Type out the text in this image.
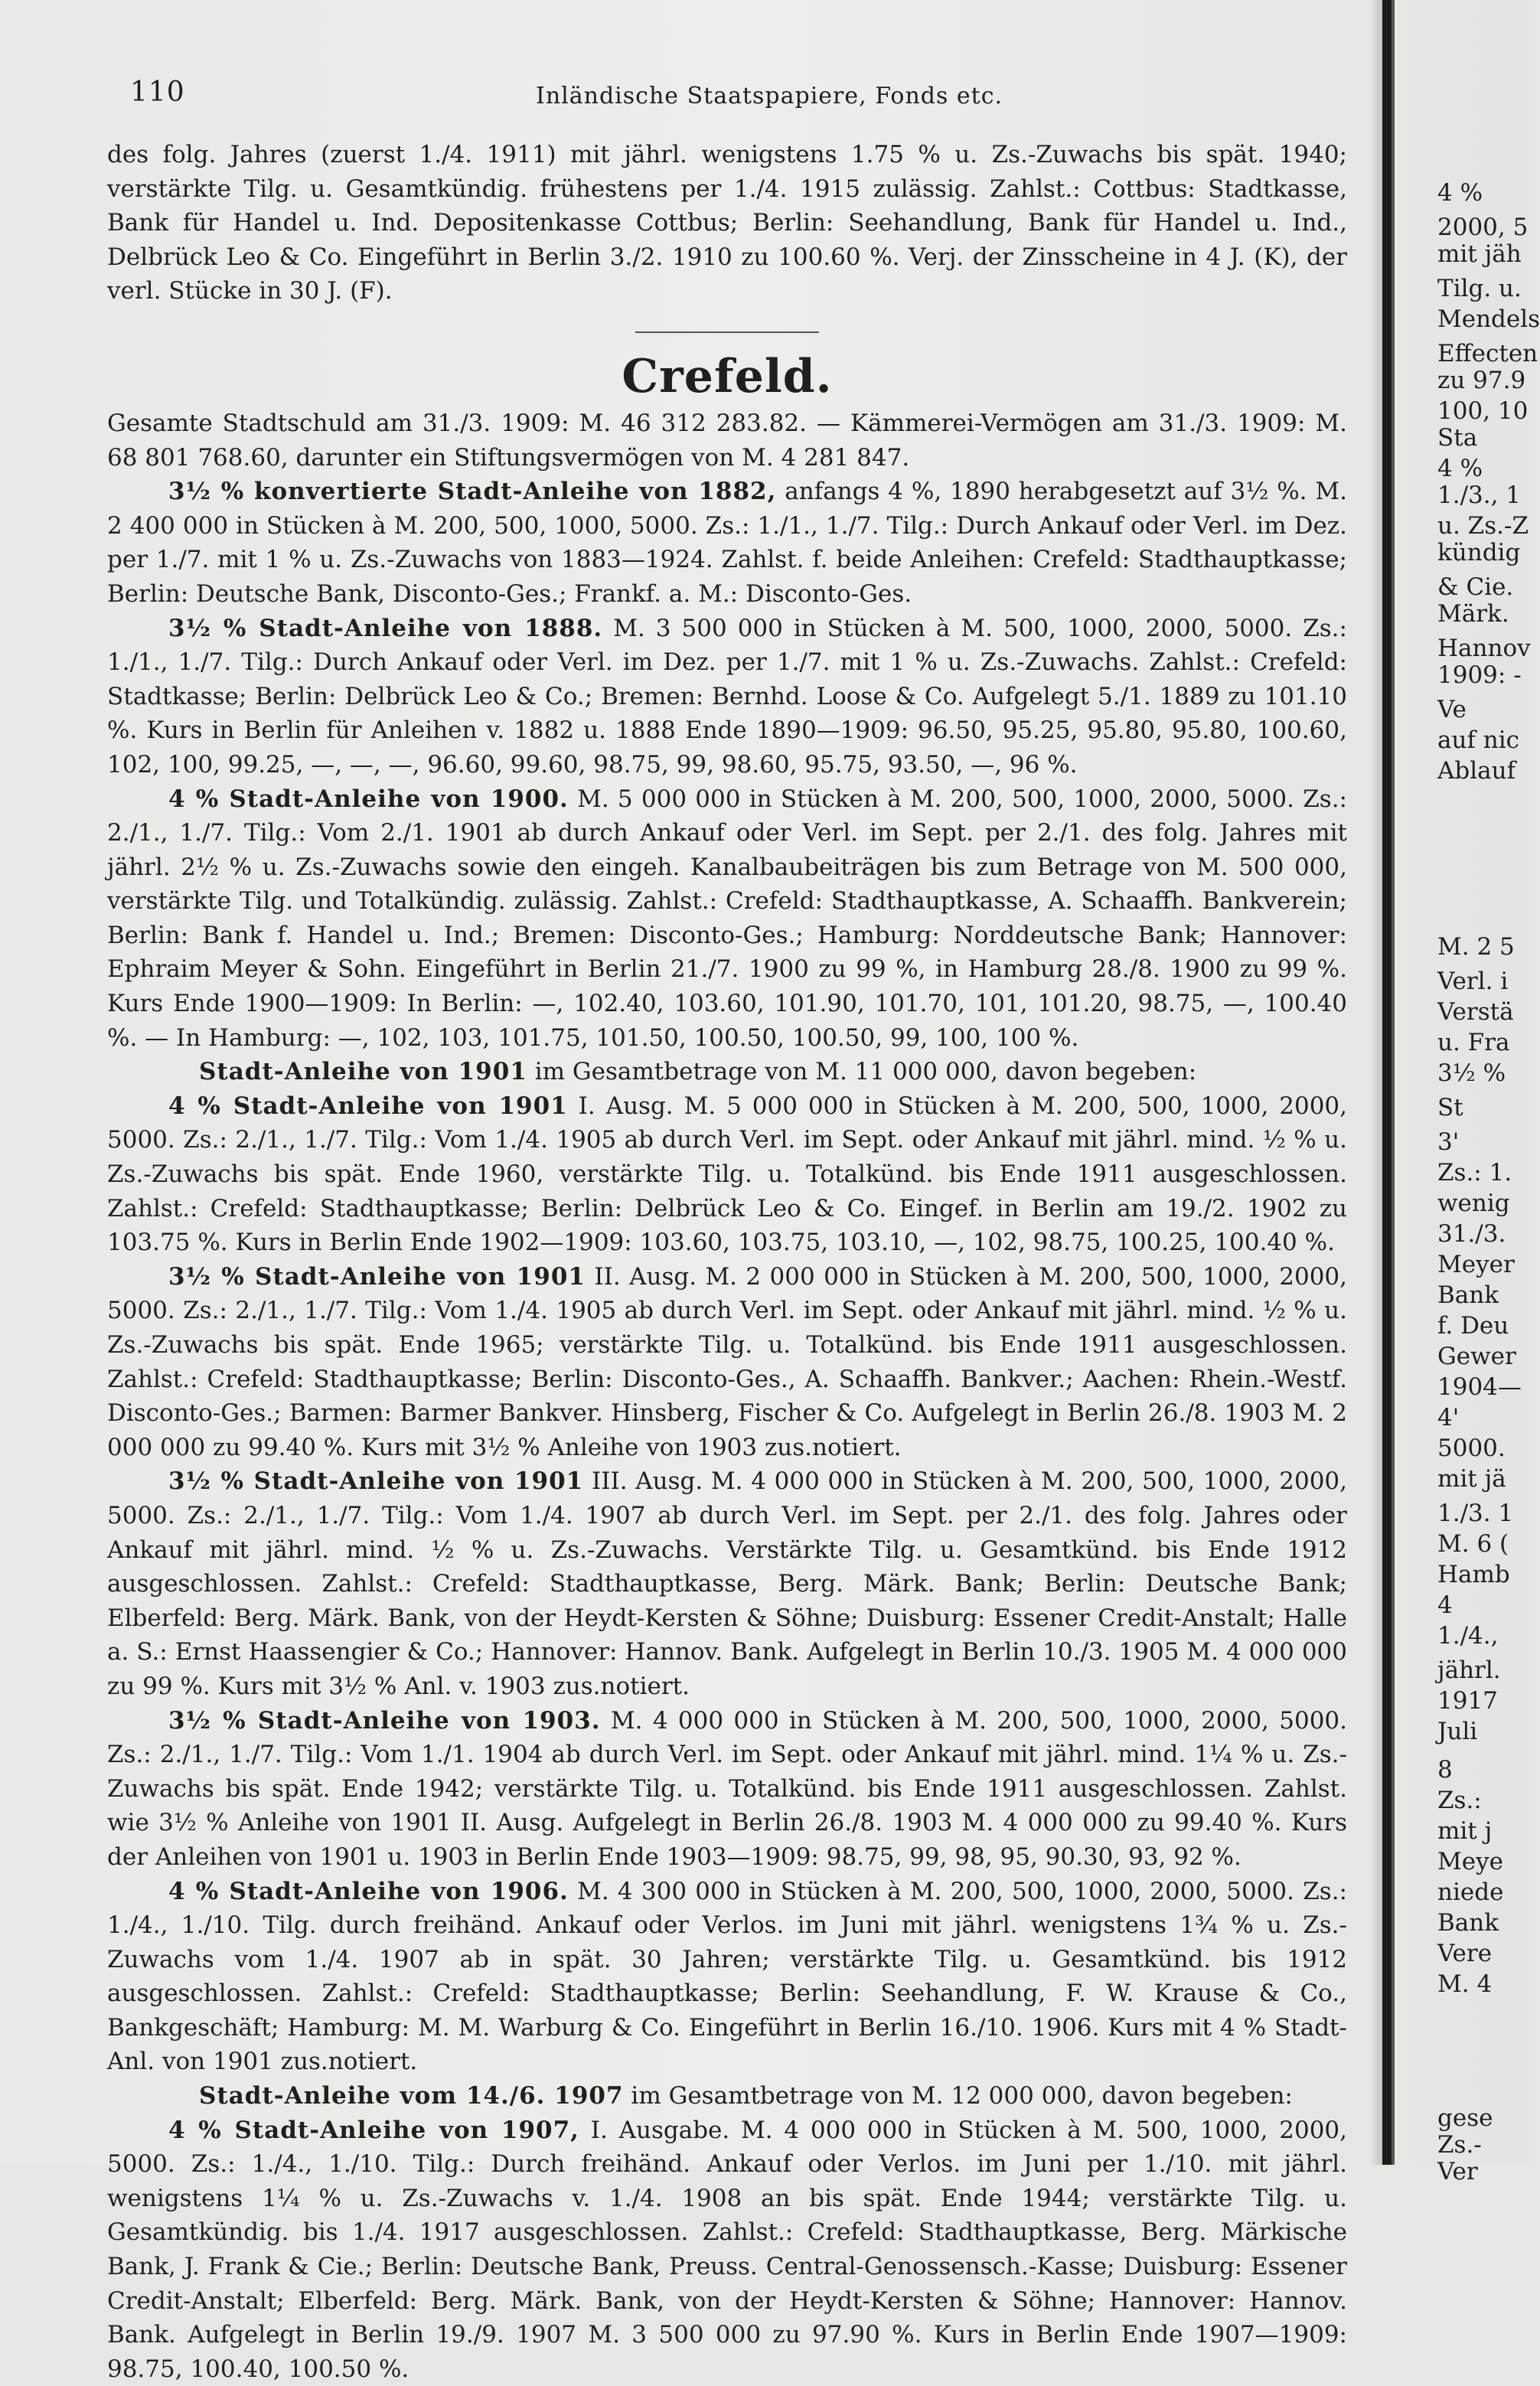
110	Inländische Staatspapiere, Fonds etc.

des folg. Jahres (zuerst 1./4. 1911) mit jährl. wenigstens 1.75 % u. Zs.-Zuwachs bis spät. 1940; verstärkte Tilg. u. Gesamtkündig. frühestens per 1./4. 1915 zulässig. Zahlst.: Cottbus: Stadtkasse, Bank für Handel u. Ind. Depositenkasse Cottbus; Berlin: Seehandlung, Bank für Handel u. Ind., Delbrück Leo & Co. Eingeführt in Berlin 3./2. 1910 zu 100.60 %. Verj. der Zinsscheine in 4 J. (K), der verl. Stücke in 30 J. (F).

Crefeld.

Gesamte Stadtschuld am 31./3. 1909: M. 46 312 283.82. — Kämmerei-Vermögen am 31./3. 1909: M. 68 801 768.60, darunter ein Stiftungsvermögen von M. 4 281 847.

3½ % konvertierte Stadt-Anleihe von 1882, anfangs 4 %, 1890 herabgesetzt auf 3½ %. M. 2 400 000 in Stücken à M. 200, 500, 1000, 5000. Zs.: 1./1., 1./7. Tilg.: Durch Ankauf oder Verl. im Dez. per 1./7. mit 1 % u. Zs.-Zuwachs von 1883—1924. Zahlst. f. beide Anleihen: Crefeld: Stadthauptkasse; Berlin: Deutsche Bank, Disconto-Ges.; Frankf. a. M.: Disconto-Ges.

3½ % Stadt-Anleihe von 1888. M. 3 500 000 in Stücken à M. 500, 1000, 2000, 5000. Zs.: 1./1., 1./7. Tilg.: Durch Ankauf oder Verl. im Dez. per 1./7. mit 1 % u. Zs.-Zuwachs. Zahlst.: Crefeld: Stadtkasse; Berlin: Delbrück Leo & Co.; Bremen: Bernhd. Loose & Co. Aufgelegt 5./1. 1889 zu 101.10 %. Kurs in Berlin für Anleihen v. 1882 u. 1888 Ende 1890—1909: 96.50, 95.25, 95.80, 95.80, 100.60, 102, 100, 99.25, —, —, —, 96.60, 99.60, 98.75, 99, 98.60, 95.75, 93.50, —, 96 %.

4 % Stadt-Anleihe von 1900. M. 5 000 000 in Stücken à M. 200, 500, 1000, 2000, 5000. Zs.: 2./1., 1./7. Tilg.: Vom 2./1. 1901 ab durch Ankauf oder Verl. im Sept. per 2./1. des folg. Jahres mit jährl. 2½ % u. Zs.-Zuwachs sowie den eingeh. Kanalbaubeiträgen bis zum Betrage von M. 500 000, verstärkte Tilg. und Totalkündig. zulässig. Zahlst.: Crefeld: Stadthauptkasse, A. Schaaffh. Bankverein; Berlin: Bank f. Handel u. Ind.; Bremen: Disconto-Ges.; Hamburg: Norddeutsche Bank; Hannover: Ephraim Meyer & Sohn. Eingeführt in Berlin 21./7. 1900 zu 99 %, in Hamburg 28./8. 1900 zu 99 %. Kurs Ende 1900—1909: In Berlin: —, 102.40, 103.60, 101.90, 101.70, 101, 101.20, 98.75, —, 100.40 %. — In Hamburg: —, 102, 103, 101.75, 101.50, 100.50, 100.50, 99, 100, 100 %.

Stadt-Anleihe von 1901 im Gesamtbetrage von M. 11 000 000, davon begeben:

4 % Stadt-Anleihe von 1901 I. Ausg. M. 5 000 000 in Stücken à M. 200, 500, 1000, 2000, 5000. Zs.: 2./1., 1./7. Tilg.: Vom 1./4. 1905 ab durch Verl. im Sept. oder Ankauf mit jährl. mind. ½ % u. Zs.-Zuwachs bis spät. Ende 1960, verstärkte Tilg. u. Totalkünd. bis Ende 1911 ausgeschlossen. Zahlst.: Crefeld: Stadthauptkasse; Berlin: Delbrück Leo & Co. Eingef. in Berlin am 19./2. 1902 zu 103.75 %. Kurs in Berlin Ende 1902—1909: 103.60, 103.75, 103.10, —, 102, 98.75, 100.25, 100.40 %.

3½ % Stadt-Anleihe von 1901 II. Ausg. M. 2 000 000 in Stücken à M. 200, 500, 1000, 2000, 5000. Zs.: 2./1., 1./7. Tilg.: Vom 1./4. 1905 ab durch Verl. im Sept. oder Ankauf mit jährl. mind. ½ % u. Zs.-Zuwachs bis spät. Ende 1965; verstärkte Tilg. u. Totalkünd. bis Ende 1911 ausgeschlossen. Zahlst.: Crefeld: Stadthauptkasse; Berlin: Disconto-Ges., A. Schaaffh. Bankver.; Aachen: Rhein.-Westf. Disconto-Ges.; Barmen: Barmer Bankver. Hinsberg, Fischer & Co. Aufgelegt in Berlin 26./8. 1903 M. 2 000 000 zu 99.40 %. Kurs mit 3½ % Anleihe von 1903 zus.notiert.

3½ % Stadt-Anleihe von 1901 III. Ausg. M. 4 000 000 in Stücken à M. 200, 500, 1000, 2000, 5000. Zs.: 2./1., 1./7. Tilg.: Vom 1./4. 1907 ab durch Verl. im Sept. per 2./1. des folg. Jahres oder Ankauf mit jährl. mind. ½ % u. Zs.-Zuwachs. Verstärkte Tilg. u. Gesamtkünd. bis Ende 1912 ausgeschlossen. Zahlst.: Crefeld: Stadthauptkasse, Berg. Märk. Bank; Berlin: Deutsche Bank; Elberfeld: Berg. Märk. Bank, von der Heydt-Kersten & Söhne; Duisburg: Essener Credit-Anstalt; Halle a. S.: Ernst Haassengier & Co.; Hannover: Hannov. Bank. Aufgelegt in Berlin 10./3. 1905 M. 4 000 000 zu 99 %. Kurs mit 3½ % Anl. v. 1903 zus.notiert.

3½ % Stadt-Anleihe von 1903. M. 4 000 000 in Stücken à M. 200, 500, 1000, 2000, 5000. Zs.: 2./1., 1./7. Tilg.: Vom 1./1. 1904 ab durch Verl. im Sept. oder Ankauf mit jährl. mind. 1¼ % u. Zs.-Zuwachs bis spät. Ende 1942; verstärkte Tilg. u. Totalkünd. bis Ende 1911 ausgeschlossen. Zahlst. wie 3½ % Anleihe von 1901 II. Ausg. Aufgelegt in Berlin 26./8. 1903 M. 4 000 000 zu 99.40 %. Kurs der Anleihen von 1901 u. 1903 in Berlin Ende 1903—1909: 98.75, 99, 98, 95, 90.30, 93, 92 %.

4 % Stadt-Anleihe von 1906. M. 4 300 000 in Stücken à M. 200, 500, 1000, 2000, 5000. Zs.: 1./4., 1./10. Tilg. durch freihänd. Ankauf oder Verlos. im Juni mit jährl. wenigstens 1¾ % u. Zs.-Zuwachs vom 1./4. 1907 ab in spät. 30 Jahren; verstärkte Tilg. u. Gesamtkünd. bis 1912 ausgeschlossen. Zahlst.: Crefeld: Stadthauptkasse; Berlin: Seehandlung, F. W. Krause & Co., Bankgeschäft; Hamburg: M. M. Warburg & Co. Eingeführt in Berlin 16./10. 1906. Kurs mit 4 % Stadt-Anl. von 1901 zus.notiert.

Stadt-Anleihe vom 14./6. 1907 im Gesamtbetrage von M. 12 000 000, davon begeben:

4 % Stadt-Anleihe von 1907, I. Ausgabe. M. 4 000 000 in Stücken à M. 500, 1000, 2000, 5000. Zs.: 1./4., 1./10. Tilg.: Durch freihänd. Ankauf oder Verlos. im Juni per 1./10. mit jährl. wenigstens 1¼ % u. Zs.-Zuwachs v. 1./4. 1908 an bis spät. Ende 1944; verstärkte Tilg. u. Gesamtkündig. bis 1./4. 1917 ausgeschlossen. Zahlst.: Crefeld: Stadthauptkasse, Berg. Märkische Bank, J. Frank & Cie.; Berlin: Deutsche Bank, Preuss. Central-Genossensch.-Kasse; Duisburg: Essener Credit-Anstalt; Elberfeld: Berg. Märk. Bank, von der Heydt-Kersten & Söhne; Hannover: Hannov. Bank. Aufgelegt in Berlin 19./9. 1907 M. 3 500 000 zu 97.90 %. Kurs in Berlin Ende 1907—1909: 98.75, 100.40, 100.50 %.

4 %
2000, 5
mit jäh
Tilg. u.
Mendels
Effecten
zu 97.9
100, 10
Sta
4 %
1./3., 1
u. Zs.-Z
kündig
& Cie.
Märk.
Hannov
1909: -
Ve
auf nic
Ablauf
M. 2 5
Verl. i
Verstä
u. Fra
3½ %
St
3'
Zs.: 1.
wenig
31./3.
Meyer
Bank
f. Deu
Gewer
1904—
4'
5000.
mit jä
1./3. 1
M. 6 (
Hamb
4
1./4.,
jährl.
1917
Juli
8
Zs.:
mit j
Meye
niede
Bank
Vere
M. 4
gese
Zs.-
Ver
